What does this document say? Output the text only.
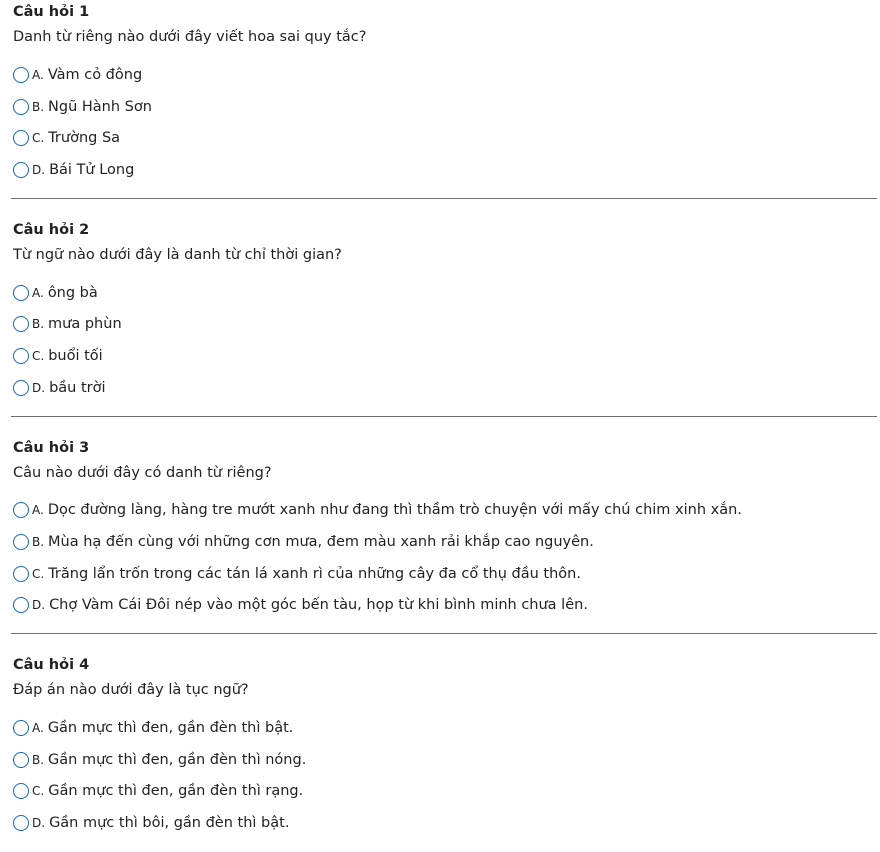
Câu hỏi 1
Danh từ riêng nào dưới đây viết hoa sai quy tắc?
A. Vàm cỏ đông
B. Ngũ Hành Sơn
C. Trường Sa
D. Bái Tử Long
Câu hỏi 2
Từ ngữ nào dưới đây là danh từ chỉ thời gian?
A. ông bà
B. mưa phùn
C. buổi tối
D. bầu trời
Câu hỏi 3
Câu nào dưới đây có danh từ riêng?
A. Dọc đường làng, hàng tre mướt xanh như đang thì thầm trò chuyện với mấy chú chim xinh xắn.
B. Mùa hạ đến cùng với những cơn mưa, đem màu xanh rải khắp cao nguyên.
C. Trăng lẩn trốn trong các tán lá xanh rì của những cây đa cổ thụ đầu thôn.
D. Chợ Vàm Cái Đôi nép vào một góc bến tàu, họp từ khi bình minh chưa lên.
Câu hỏi 4
Đáp án nào dưới đây là tục ngữ?
A. Gần mực thì đen, gần đèn thì bật.
B. Gần mực thì đen, gần đèn thì nóng.
C. Gần mực thì đen, gần đèn thì rạng.
D. Gần mực thì bôi, gần đèn thì bật.
